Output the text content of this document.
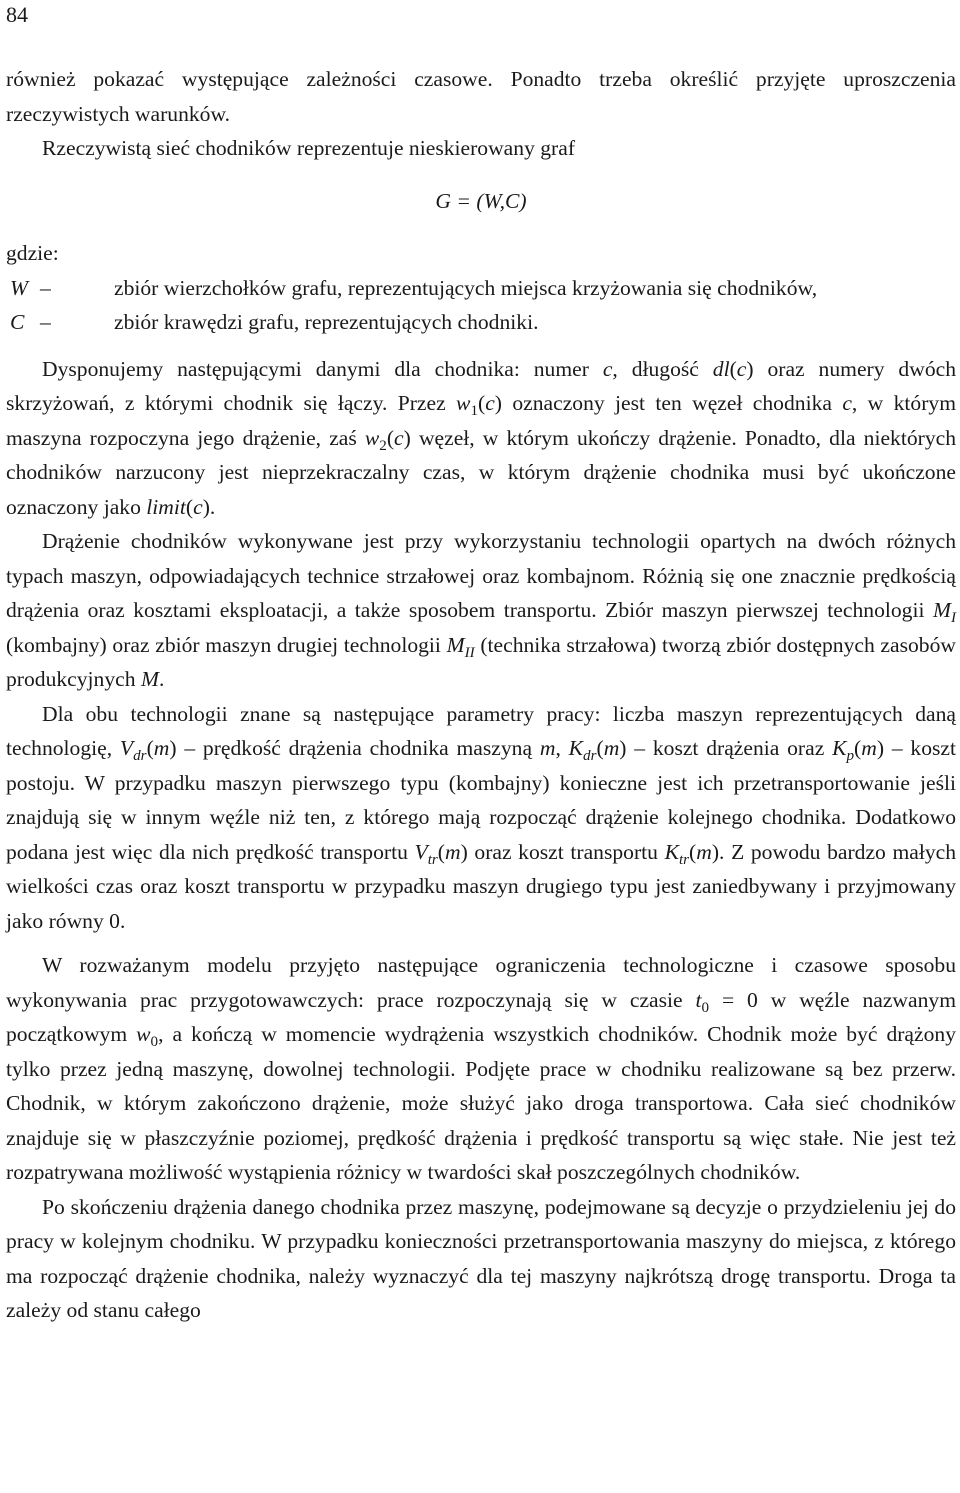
84

również pokazać występujące zależności czasowe. Ponadto trzeba określić przyjęte uproszczenia rzeczywistych warunków.

Rzeczywistą sieć chodników reprezentuje nieskierowany graf

G = (W,C)

gdzie:

W –	zbiór wierzchołków grafu, reprezentujących miejsca krzyżowania się chodników,
C –	zbiór krawędzi grafu, reprezentujących chodniki.

Dysponujemy następującymi danymi dla chodnika: numer c, długość dl(c) oraz numery dwóch skrzyżowań, z którymi chodnik się łączy. Przez $w_1(c)$ oznaczony jest ten węzeł chodnika c, w którym maszyna rozpoczyna jego drążenie, zaś $w_2(c)$ węzeł, w którym ukończy drążenie. Ponadto, dla niektórych chodników narzucony jest nieprzekraczalny czas, w którym drążenie chodnika musi być ukończone oznaczony jako limit(c).

Drążenie chodników wykonywane jest przy wykorzystaniu technologii opartych na dwóch różnych typach maszyn, odpowiadających technice strzałowej oraz kombajnom. Różnią się one znacznie prędkością drążenia oraz kosztami eksploatacji, a także sposobem transportu. Zbiór maszyn pierwszej technologii $M_I$ (kombajny) oraz zbiór maszyn drugiej technologii $M_{II}$ (technika strzałowa) tworzą zbiór dostępnych zasobów produkcyjnych M.

Dla obu technologii znane są następujące parametry pracy: liczba maszyn reprezentujących daną technologię, $V_{dr}(m)$ – prędkość drążenia chodnika maszyną m, $K_{dr}(m)$ – koszt drążenia oraz $K_p(m)$ – koszt postoju. W przypadku maszyn pierwszego typu (kombajny) konieczne jest ich przetransportowanie jeśli znajdują się w innym węźle niż ten, z którego mają rozpocząć drążenie kolejnego chodnika. Dodatkowo podana jest więc dla nich prędkość transportu $V_{tr}(m)$ oraz koszt transportu $K_{tr}(m)$. Z powodu bardzo małych wielkości czas oraz koszt transportu w przypadku maszyn drugiego typu jest zaniedbywany i przyjmowany jako równy 0.

W rozważanym modelu przyjęto następujące ograniczenia technologiczne i czasowe sposobu wykonywania prac przygotowawczych: prace rozpoczynają się w czasie $t_0 = 0$ w węźle nazwanym początkowym $w_0$, a kończą w momencie wydrążenia wszystkich chodników. Chodnik może być drążony tylko przez jedną maszynę, dowolnej technologii. Podjęte prace w chodniku realizowane są bez przerw. Chodnik, w którym zakończono drążenie, może służyć jako droga transportowa. Cała sieć chodników znajduje się w płaszczyźnie poziomej, prędkość drążenia i prędkość transportu są więc stałe. Nie jest też rozpatrywana możliwość wystąpienia różnicy w twardości skał poszczególnych chodników.

Po skończeniu drążenia danego chodnika przez maszynę, podejmowane są decyzje o przydzieleniu jej do pracy w kolejnym chodniku. W przypadku konieczności przetransportowania maszyny do miejsca, z którego ma rozpocząć drążenie chodnika, należy wyznaczyć dla tej maszyny najkrótszą drogę transportu. Droga ta zależy od stanu całego
